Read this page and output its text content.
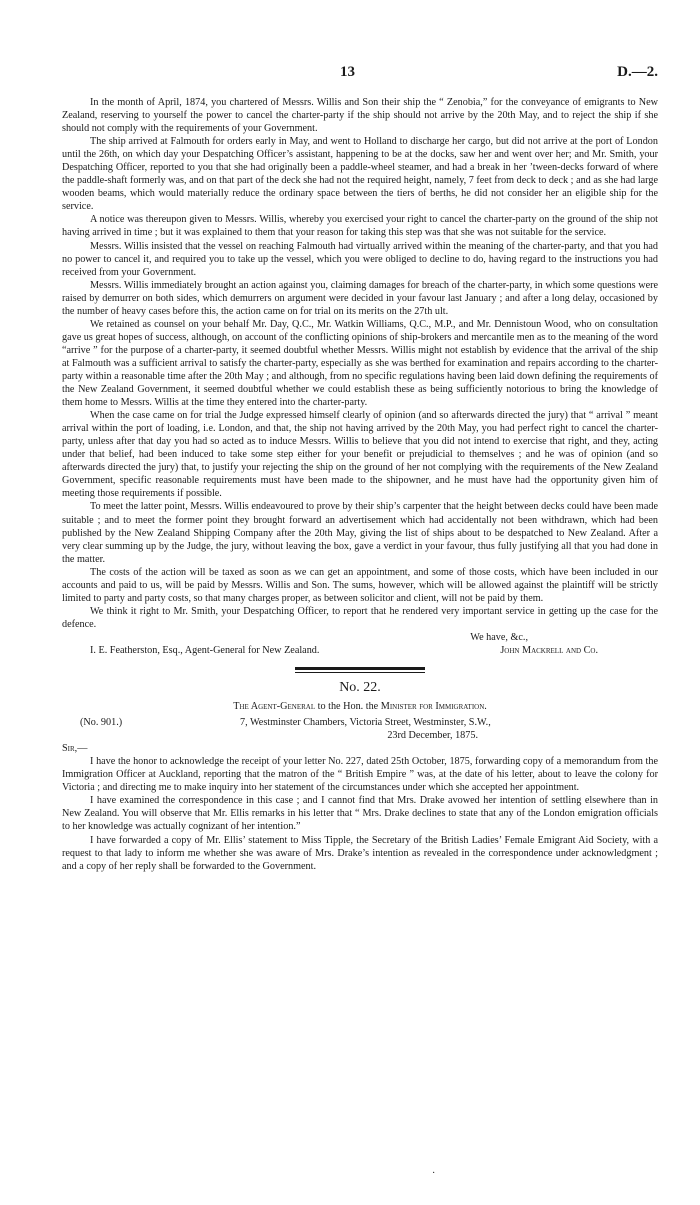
13	D.—2.

In the month of April, 1874, you chartered of Messrs. Willis and Son their ship the “ Zenobia,” for the conveyance of emigrants to New Zealand, reserving to yourself the power to cancel the charter-party if the ship should not arrive by the 20th May, and to reject the ship if she should not comply with the requirements of your Government.

The ship arrived at Falmouth for orders early in May, and went to Holland to discharge her cargo, but did not arrive at the port of London until the 26th, on which day your Despatching Officer’s assistant, happening to be at the docks, saw her and went over her; and Mr. Smith, your Despatching Officer, reported to you that she had originally been a paddle-wheel steamer, and had a break in her ’tween-decks forward of where the paddle-shaft formerly was, and on that part of the deck she had not the required height, namely, 7 feet from deck to deck ; and as she had large wooden beams, which would materially reduce the ordinary space between the tiers of berths, he did not consider her an eligible ship for the service.

A notice was thereupon given to Messrs. Willis, whereby you exercised your right to cancel the charter-party on the ground of the ship not having arrived in time ; but it was explained to them that your reason for taking this step was that she was not suitable for the service.

Messrs. Willis insisted that the vessel on reaching Falmouth had virtually arrived within the meaning of the charter-party, and that you had no power to cancel it, and required you to take up the vessel, which you were obliged to decline to do, having regard to the instructions you had received from your Government.

Messrs. Willis immediately brought an action against you, claiming damages for breach of the charter-party, in which some questions were raised by demurrer on both sides, which demurrers on argument were decided in your favour last January ; and after a long delay, occasioned by the number of heavy cases before this, the action came on for trial on its merits on the 27th ult.

We retained as counsel on your behalf Mr. Day, Q.C., Mr. Watkin Williams, Q.C., M.P., and Mr. Dennistoun Wood, who on consultation gave us great hopes of success, although, on account of the conflicting opinions of ship-brokers and mercantile men as to the meaning of the word “arrive ” for the purpose of a charter-party, it seemed doubtful whether Messrs. Willis might not establish by evidence that the arrival of the ship at Falmouth was a sufficient arrival to satisfy the charter-party, especially as she was berthed for examination and repairs according to the charter-party within a reasonable time after the 20th May ; and although, from no specific regulations having been laid down defining the requirements of the New Zealand Government, it seemed doubtful whether we could establish these as being sufficiently notorious to bring the knowledge of them home to Messrs. Willis at the time they entered into the charter-party.

When the case came on for trial the Judge expressed himself clearly of opinion (and so afterwards directed the jury) that “ arrival ” meant arrival within the port of loading, i.e. London, and that, the ship not having arrived by the 20th May, you had perfect right to cancel the charter-party, unless after that day you had so acted as to induce Messrs. Willis to believe that you did not intend to exercise that right, and they, acting under that belief, had been induced to take some step either for your benefit or prejudicial to themselves ; and he was of opinion (and so afterwards directed the jury) that, to justify your rejecting the ship on the ground of her not complying with the requirements of the New Zealand Government, specific reasonable requirements must have been made to the shipowner, and he must have had the opportunity given him of meeting those requirements if possible.

To meet the latter point, Messrs. Willis endeavoured to prove by their ship’s carpenter that the height between decks could have been made suitable ; and to meet the former point they brought forward an advertisement which had accidentally not been withdrawn, which had been published by the New Zealand Shipping Company after the 20th May, giving the list of ships about to be despatched to New Zealand. After a very clear summing up by the Judge, the jury, without leaving the box, gave a verdict in your favour, thus fully justifying all that you had done in the matter.

The costs of the action will be taxed as soon as we can get an appointment, and some of those costs, which have been included in our accounts and paid to us, will be paid by Messrs. Willis and Son. The sums, however, which will be allowed against the plaintiff will be strictly limited to party and party costs, so that many charges proper, as between solicitor and client, will not be paid by them.

We think it right to Mr. Smith, your Despatching Officer, to report that he rendered very important service in getting up the case for the defence.

We have, &c.,
I. E. Featherston, Esq., Agent-General for New Zealand.	John Mackrell and Co.
No. 22.
The Agent-General to the Hon. the Minister for Immigration.
(No. 901.)	7, Westminster Chambers, Victoria Street, Westminster, S.W.,
23rd December, 1875.
Sir,—

I have the honor to acknowledge the receipt of your letter No. 227, dated 25th October, 1875, forwarding copy of a memorandum from the Immigration Officer at Auckland, reporting that the matron of the “ British Empire ” was, at the date of his letter, about to leave the colony for Victoria ; and directing me to make inquiry into her statement of the circumstances under which she accepted her appointment.

I have examined the correspondence in this case ; and I cannot find that Mrs. Drake avowed her intention of settling elsewhere than in New Zealand. You will observe that Mr. Ellis remarks in his letter that “ Mrs. Drake declines to state that any of the London emigration officials to her knowledge was actually cognizant of her intention.”

I have forwarded a copy of Mr. Ellis’ statement to Miss Tipple, the Secretary of the British Ladies’ Female Emigrant Aid Society, with a request to that lady to inform me whether she was aware of Mrs. Drake’s intention as revealed in the correspondence under acknowledgment ; and a copy of her reply shall be forwarded to the Government.

·
